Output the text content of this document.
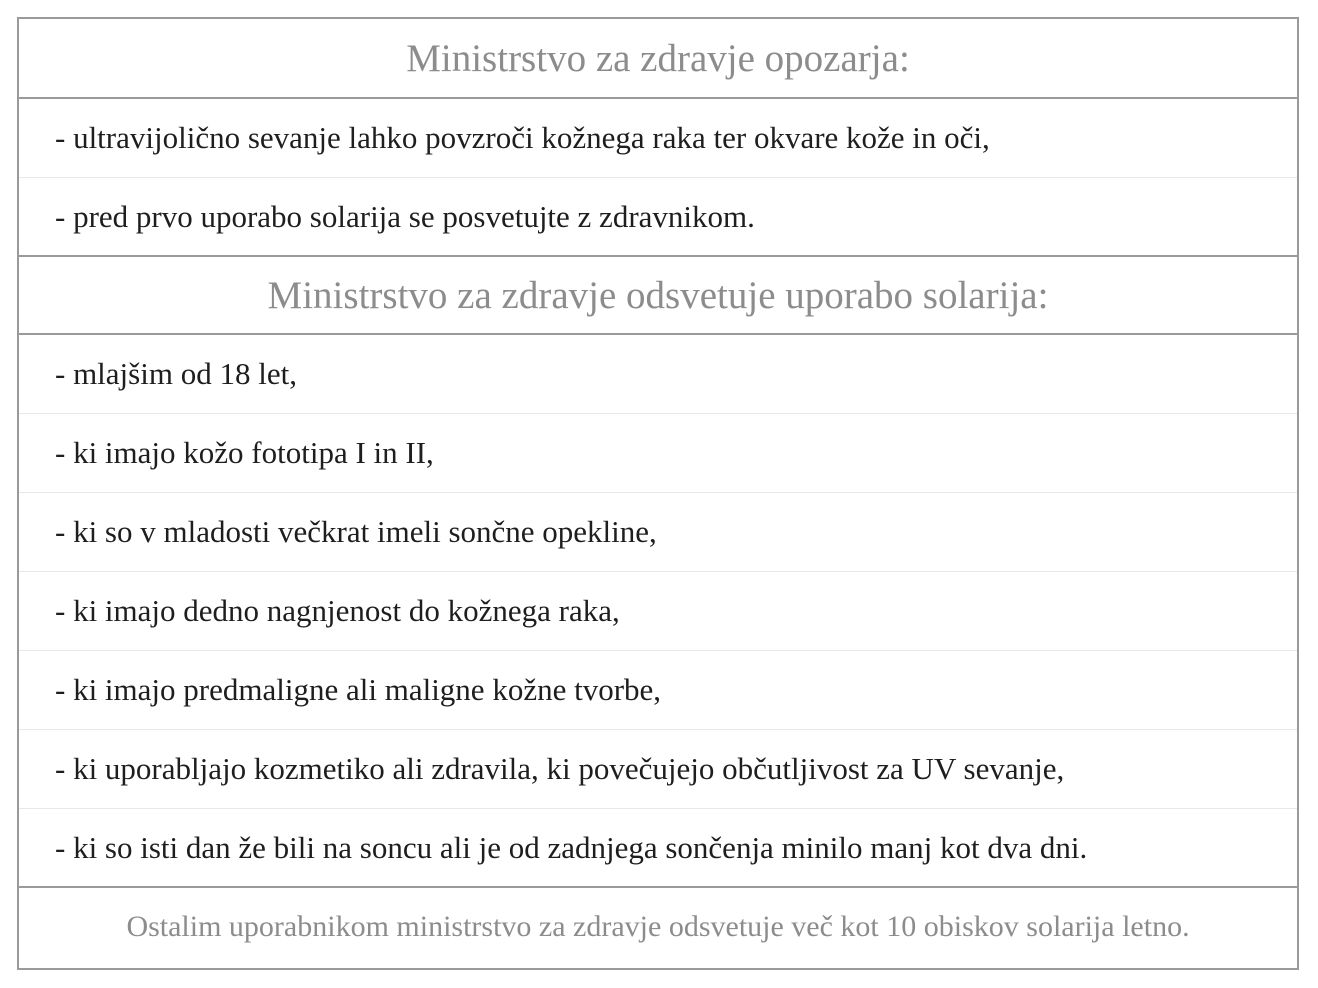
Ministrstvo za zdravje opozarja:
- ultravijolično sevanje lahko povzroči kožnega raka ter okvare kože in oči,
- pred prvo uporabo solarija se posvetujte z zdravnikom.
Ministrstvo za zdravje odsvetuje uporabo solarija:
- mlajšim od 18 let,
- ki imajo kožo fototipa I in II,
- ki so v mladosti večkrat imeli sončne opekline,
- ki imajo dedno nagnjenost do kožnega raka,
- ki imajo predmaligne ali maligne kožne tvorbe,
- ki uporabljajo kozmetiko ali zdravila, ki povečujejo občutljivost za UV sevanje,
- ki so isti dan že bili na soncu ali je od zadnjega sončenja minilo manj kot dva dni.
Ostalim uporabnikom ministrstvo za zdravje odsvetuje več kot 10 obiskov solarija letno.
